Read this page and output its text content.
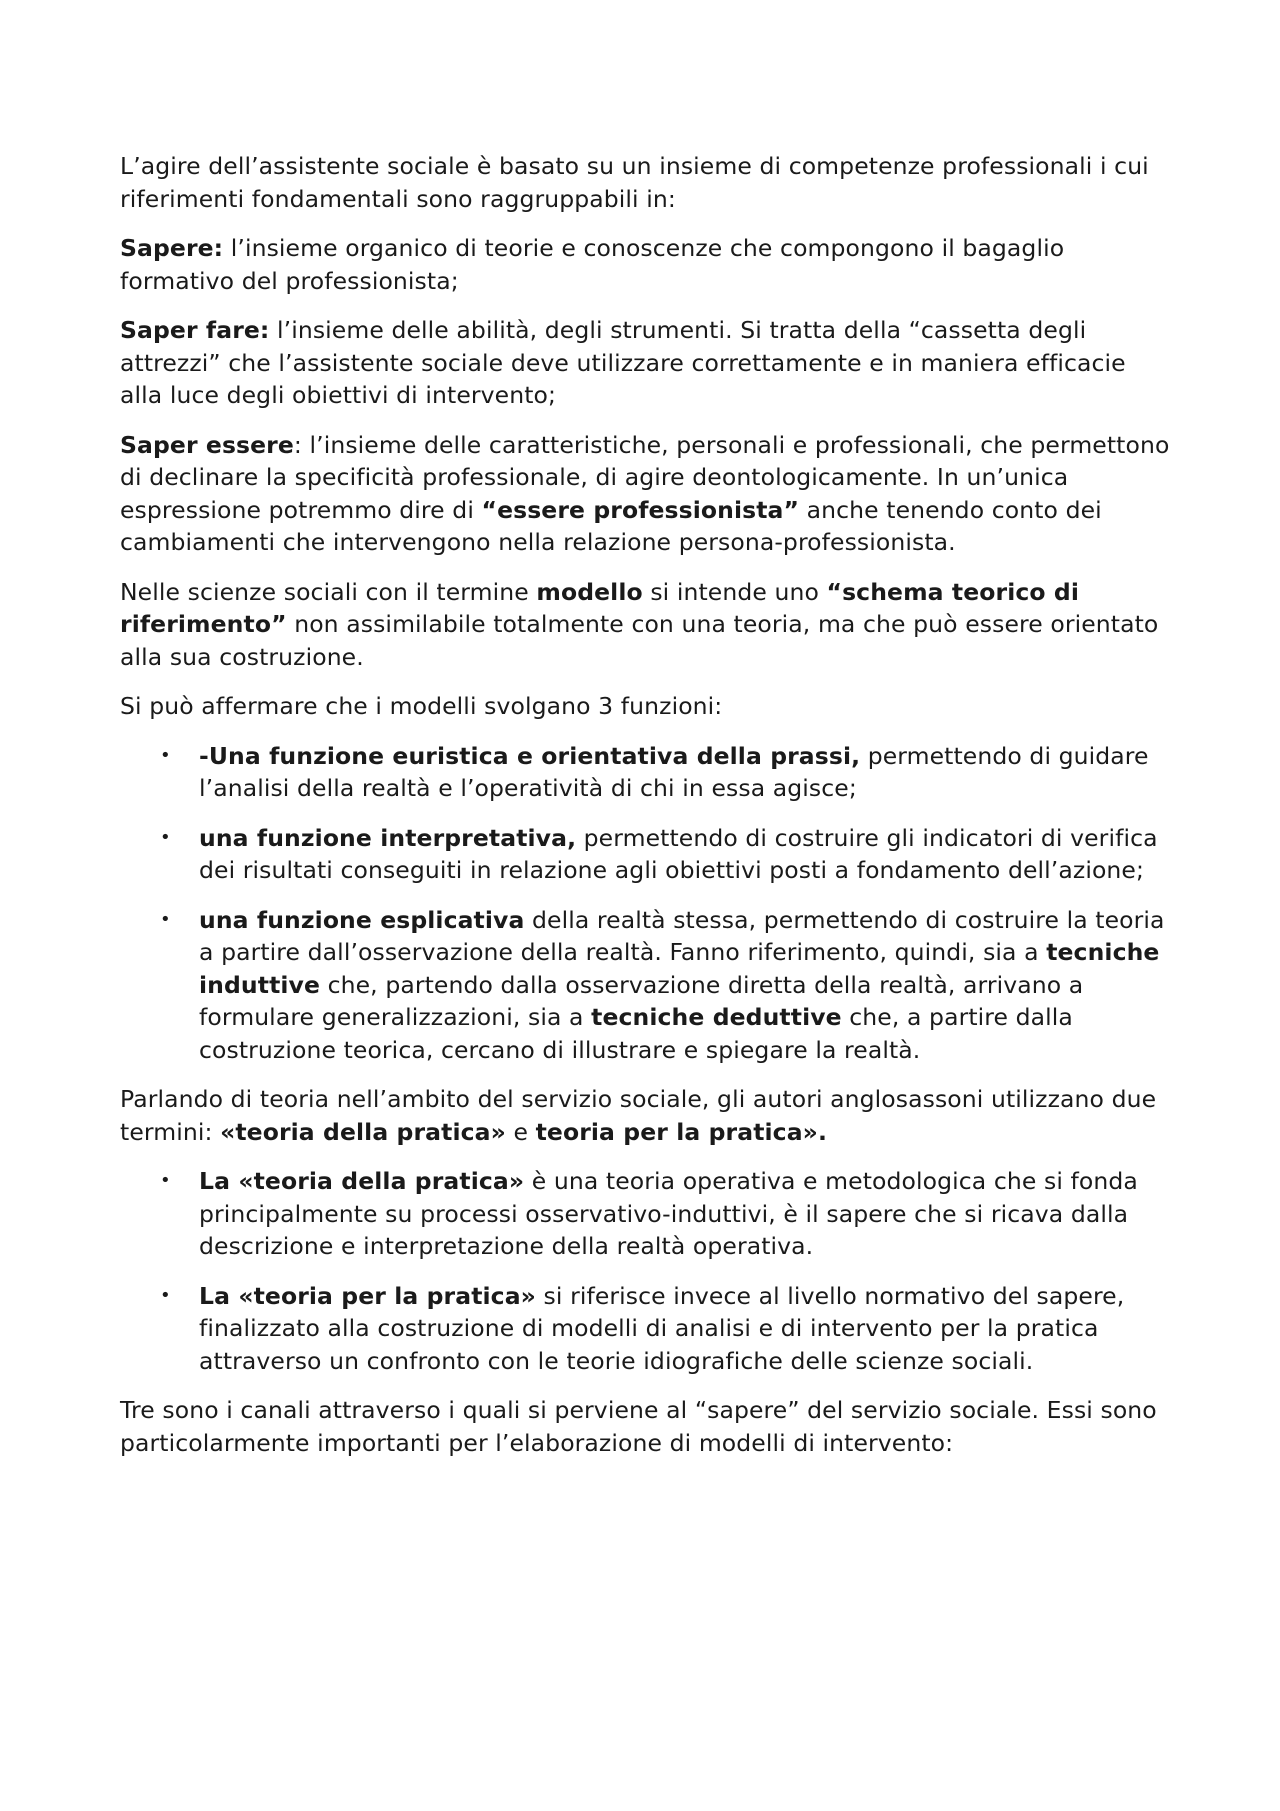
L’agire dell’assistente sociale è basato su un insieme di competenze professionali i cui riferimenti fondamentali sono raggruppabili in:

Sapere: l’insieme organico di teorie e conoscenze che compongono il bagaglio formativo del professionista;

Saper fare: l’insieme delle abilità, degli strumenti. Si tratta della “cassetta degli attrezzi” che l’assistente sociale deve utilizzare correttamente e in maniera efficacie alla luce degli obiettivi di intervento;

Saper essere: l’insieme delle caratteristiche, personali e professionali, che permettono di declinare la specificità professionale, di agire deontologicamente. In un’unica espressione potremmo dire di “essere professionista” anche tenendo conto dei cambiamenti che intervengono nella relazione persona-professionista.

Nelle scienze sociali con il termine modello si intende uno “schema teorico di riferimento” non assimilabile totalmente con una teoria, ma che può essere orientato alla sua costruzione.

Si può affermare che i modelli svolgano 3 funzioni:

•	-Una funzione euristica e orientativa della prassi, permettendo di guidare l’analisi della realtà e l’operatività di chi in essa agisce;
•	una funzione interpretativa, permettendo di costruire gli indicatori di verifica dei risultati conseguiti in relazione agli obiettivi posti a fondamento dell’azione;
•	una funzione esplicativa della realtà stessa, permettendo di costruire la teoria a partire dall’osservazione della realtà. Fanno riferimento, quindi, sia a tecniche induttive che, partendo dalla osservazione diretta della realtà, arrivano a formulare generalizzazioni, sia a tecniche deduttive che, a partire dalla costruzione teorica, cercano di illustrare e spiegare la realtà.

Parlando di teoria nell’ambito del servizio sociale, gli autori anglosassoni utilizzano due termini: «teoria della pratica» e teoria per la pratica».

•	La «teoria della pratica» è una teoria operativa e metodologica che si fonda principalmente su processi osservativo-induttivi, è il sapere che si ricava dalla descrizione e interpretazione della realtà operativa.
•	La «teoria per la pratica» si riferisce invece al livello normativo del sapere, finalizzato alla costruzione di modelli di analisi e di intervento per la pratica attraverso un confronto con le teorie idiografiche delle scienze sociali.

Tre sono i canali attraverso i quali si perviene al “sapere” del servizio sociale. Essi sono particolarmente importanti per l’elaborazione di modelli di intervento:
